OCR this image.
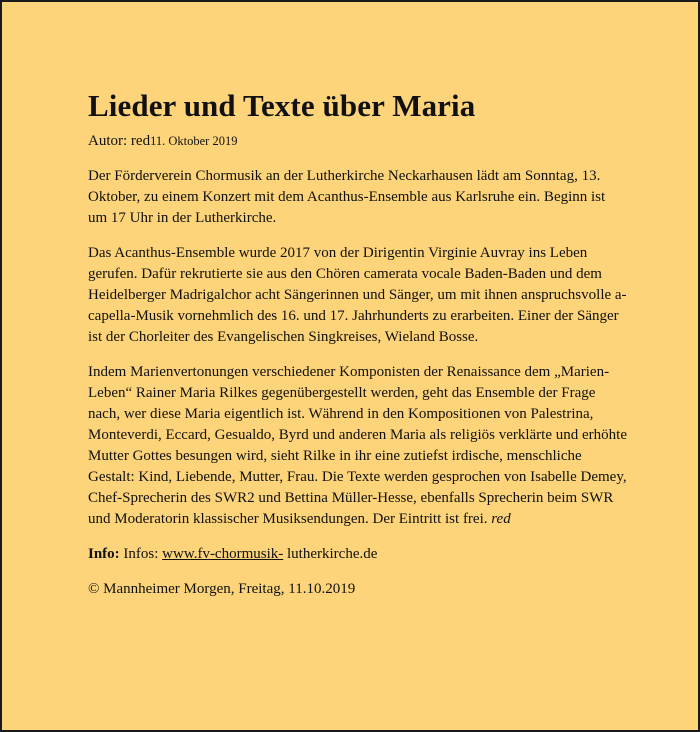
Lieder und Texte über Maria
Autor: red11. Oktober 2019

Der Förderverein Chormusik an der Lutherkirche Neckarhausen lädt am Sonntag, 13. Oktober, zu einem Konzert mit dem Acanthus-Ensemble aus Karlsruhe ein. Beginn ist um 17 Uhr in der Lutherkirche.

Das Acanthus-Ensemble wurde 2017 von der Dirigentin Virginie Auvray ins Leben gerufen. Dafür rekrutierte sie aus den Chören camerata vocale Baden-Baden und dem Heidelberger Madrigalchor acht Sängerinnen und Sänger, um mit ihnen anspruchsvolle a-capella-Musik vornehmlich des 16. und 17. Jahrhunderts zu erarbeiten. Einer der Sänger ist der Chorleiter des Evangelischen Singkreises, Wieland Bosse.

Indem Marienvertonungen verschiedener Komponisten der Renaissance dem „Marien-Leben“ Rainer Maria Rilkes gegenübergestellt werden, geht das Ensemble der Frage nach, wer diese Maria eigentlich ist. Während in den Kompositionen von Palestrina, Monteverdi, Eccard, Gesualdo, Byrd und anderen Maria als religiös verklärte und erhöhte Mutter Gottes besungen wird, sieht Rilke in ihr eine zutiefst irdische, menschliche Gestalt: Kind, Liebende, Mutter, Frau. Die Texte werden gesprochen von Isabelle Demey, Chef-Sprecherin des SWR2 und Bettina Müller-Hesse, ebenfalls Sprecherin beim SWR und Moderatorin klassischer Musiksendungen. Der Eintritt ist frei. red

Info: Infos: www.fv-chormusik- lutherkirche.de

© Mannheimer Morgen, Freitag, 11.10.2019
